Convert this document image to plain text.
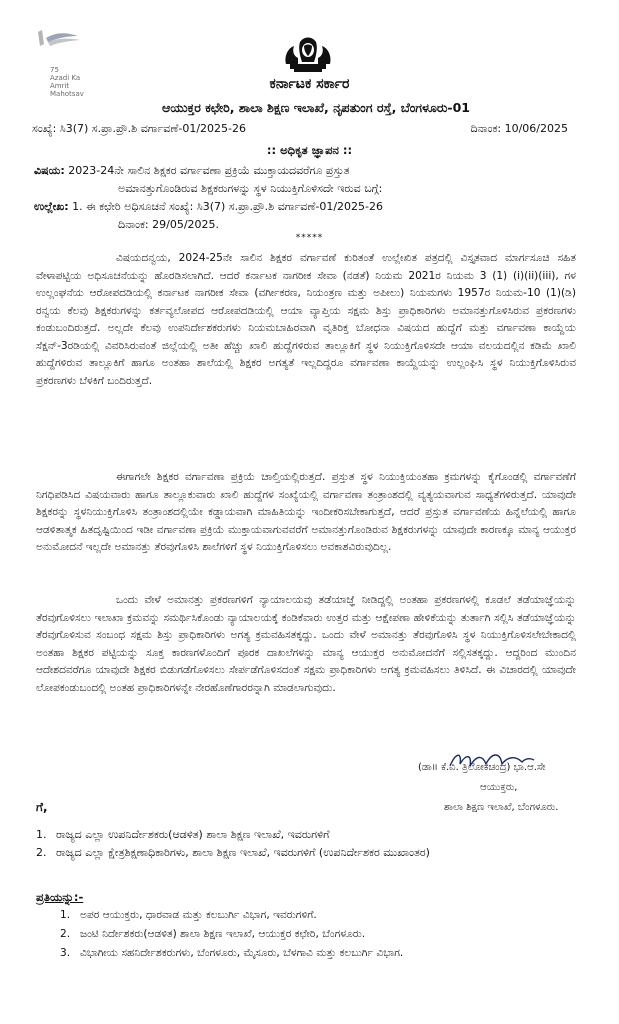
75
Azadi Ka
Amrit Mahotsav
ಕರ್ನಾಟಕ ಸರ್ಕಾರ
ಆಯುಕ್ತರ ಕಛೇರಿ, ಶಾಲಾ ಶಿಕ್ಷಣ ಇಲಾಖೆ, ನೃಪತುಂಗ ರಸ್ತೆ, ಬೆಂಗಳೂರು-01
ಸಂಖ್ಯೆ: ಸಿ3(7) ಸ.ಪ್ರಾ.ಪ್ರೌ.ಶಿ ವರ್ಗಾವಣೆ-01/2025-26	ದಿನಾಂಕ: 10/06/2025
:: ಅಧಿಕೃತ ಜ್ಞಾಪನ ::
ವಿಷಯ: 2023-24ನೇ ಸಾಲಿನ ಶಿಕ್ಷಕರ ವರ್ಗಾವಣಾ ಪ್ರಕ್ರಿಯೆ ಮುಕ್ತಾಯದವರೆಗೂ ಪ್ರಸ್ತುತ
ಅಮಾನತ್ತುಗೊಂಡಿರುವ ಶಿಕ್ಷಕರುಗಳನ್ನು ಸ್ಥಳ ನಿಯುಕ್ತಿಗೊಳಿಸದೇ ಇರುವ ಬಗ್ಗೆ:
ಉಲ್ಲೇಖ: 1. ಈ ಕಛೇರಿ ಅಧಿಸೂಚನೆ ಸಂಖ್ಯೆ: ಸಿ3(7) ಸ.ಪ್ರಾ.ಪ್ರೌ.ಶಿ ವರ್ಗಾವಣೆ-01/2025-26
ದಿನಾಂಕ: 29/05/2025.
*****
ವಿಷಯದನ್ವಯ, 2024-25ನೇ ಸಾಲಿನ ಶಿಕ್ಷಕರ ವರ್ಗಾವಣೆ ಕುರಿತಂತೆ ಉಲ್ಲೇಖಿತ ಪತ್ರದಲ್ಲಿ ವಿಸ್ತೃತವಾದ ಮಾರ್ಗಸೂಚಿ ಸಹಿತ ವೇಳಾಪಟ್ಟಿಯ ಅಧಿಸೂಚನೆಯನ್ನು ಹೊರಡಿಸಲಾಗಿದೆ. ಆದರೆ ಕರ್ನಾಟಕ ನಾಗರೀಕ ಸೇವಾ (ನಡತೆ) ನಿಯಮ 2021ರ ನಿಯಮ 3 (1) (i)(ii)(iii), ಗಳ ಉಲ್ಲಂಘನೆಯ ಆರೋಪದಡಿಯಲ್ಲಿ ಕರ್ನಾಟಕ ನಾಗರೀಕ ಸೇವಾ (ವರ್ಗೀಕರಣ, ನಿಯಂತ್ರಣ ಮತ್ತು ಅಪೀಲು) ನಿಯಮಗಳು 1957ರ ನಿಯಮ-10 (1)(ಡಿ) ರನ್ವಯ ಕೆಲವು ಶಿಕ್ಷಕರುಗಳನ್ನು ಕರ್ತವ್ಯಲೋಪದ ಆರೋಪದಡಿಯಲ್ಲಿ ಆಯಾ ವ್ಯಾಪ್ತಿಯ ಸಕ್ಷಮ ಶಿಸ್ತು ಪ್ರಾಧಿಕಾರಿಗಳು ಅಮಾನತ್ತುಗೊಳಿಸಿರುವ ಪ್ರಕರಣಗಳು ಕಂಡುಬಂದಿರುತ್ತದೆ. ಅಲ್ಲದೇ ಕೆಲವು ಉಪನಿರ್ದೇಶಕರುಗಳು ನಿಯಮಬಾಹಿರವಾಗಿ ವೃತಿರಿಕ್ತ ಬೋಧನಾ ವಿಷಯದ ಹುದ್ದೆಗೆ ಮತ್ತು ವರ್ಗಾವಣಾ ಕಾಯ್ದೆಯ ಸೆಕ್ಷನ್-3ರಡಿಯಲ್ಲಿ ವಿವರಿಸಿರುವಂತೆ ಜಿಲ್ಲೆಯಲ್ಲಿ ಅತೀ ಹೆಚ್ಚು ಖಾಲಿ ಹುದ್ದೆಗಳಿರುವ ತಾಲ್ಲೂಕಿಗೆ ಸ್ಥಳ ನಿಯುಕ್ತಿಗೊಳಿಸದೇ ಆಯಾ ವಲಯದಲ್ಲಿನ ಕಡಿಮೆ ಖಾಲಿ ಹುದ್ದೆಗಳಿರುವ ತಾಲ್ಲೂಕಿಗೆ ಹಾಗೂ ಅಂತಹಾ ಶಾಲೆಯಲ್ಲಿ ಶಿಕ್ಷಕರ ಅಗತ್ಯತೆ ಇಲ್ಲದಿದ್ದರೂ ವರ್ಗಾವಣಾ ಕಾಯ್ದೆಯನ್ನು ಉಲ್ಲಂಘಿಸಿ ಸ್ಥಳ ನಿಯುಕ್ತಿಗೊಳಿಸಿರುವ ಪ್ರಕರಣಗಳು ಬೆಳಕಿಗೆ ಬಂದಿರುತ್ತದೆ.
ಈಗಾಗಲೇ ಶಿಕ್ಷಕರ ವರ್ಗಾವಣಾ ಪ್ರಕ್ರಿಯೆ ಚಾಲ್ತಿಯಲ್ಲಿರುತ್ತದೆ. ಪ್ರಸ್ತುತ ಸ್ಥಳ ನಿಯುಕ್ತಿಯಂತಹಾ ಕ್ರಮಗಳನ್ನು ಕೈಗೊಂಡಲ್ಲಿ ವರ್ಗಾವಣೆಗೆ ನಿಗಧಿಪಡಿಸಿದ ವಿಷಯವಾರು ಹಾಗೂ ತಾಲ್ಲೂಕುವಾರು ಖಾಲಿ ಹುದ್ದೆಗಳ ಸಂಖ್ಯೆಯಲ್ಲಿ ವರ್ಗಾವಣಾ ತಂತ್ರಾಂಶದಲ್ಲಿ ವ್ಯತ್ಯಯವಾಗುವ ಸಾಧ್ಯತೆಗಳಿರುತ್ತದೆ. ಯಾವುದೇ ಶಿಕ್ಷಕರನ್ನು ಸ್ಥಳನಿಯುಕ್ತಿಗೊಳಿಸಿ ತಂತ್ರಾಂಶದಲ್ಲಿಯೇ ಕಡ್ಡಾಯವಾಗಿ ಮಾಹಿತಿಯನ್ನು ಇಂದೀಕರಿಸಬೇಕಾಗುತ್ತದೆ, ಆದರೆ ಪ್ರಸ್ತುತ ವರ್ಗಾವಣೆಯ ಹಿನ್ನೆಲೆಯಲ್ಲಿ ಹಾಗೂ ಆಡಳಿತಾತ್ಮಕ ಹಿತದೃಷ್ಟಿಯಿಂದ ಇಡೀ ವರ್ಗಾವಣಾ ಪ್ರಕ್ರಿಯೆ ಮುಕ್ತಾಯವಾಗುವವರೆಗೆ ಅಮಾನತ್ತುಗೊಂಡಿರುವ ಶಿಕ್ಷಕರುಗಳನ್ನು ಯಾವುದೇ ಕಾರಣಕ್ಕೂ ಮಾನ್ಯ ಆಯುಕ್ತರ ಅನುಮೋದನೆ ಇಲ್ಲದೇ ಅಮಾನತ್ತು ತೆರವುಗೊಳಿಸಿ ಶಾಲೆಗಳಿಗೆ ಸ್ಥಳ ನಿಯುಕ್ತಿಗೊಳಿಸಲು ಅವಕಾಶವಿರುವುದಿಲ್ಲ.
ಒಂದು ವೇಳೆ ಅಮಾನತ್ತು ಪ್ರಕರಣಗಳಿಗೆ ನ್ಯಾಯಾಲಯವು ತಡೆಯಾಜ್ಞೆ ನೀಡಿದ್ದಲ್ಲಿ ಅಂತಹಾ ಪ್ರಕರಣಗಳಲ್ಲಿ ಕೂಡಲೆ ತಡೆಯಾಜ್ಞೆಯನ್ನು ತೆರವುಗೊಳಿಸಲು ಇಲಾಖಾ ಕ್ರಮವನ್ನು ಸಮರ್ಥಿಸಿಕೊಂಡು ನ್ಯಾಯಾಲಯಕ್ಕೆ ಕಂಡಿಕೆವಾರು ಉತ್ತರ ಮತ್ತು ಆಕ್ಷೇಪಣಾ ಹೇಳಿಕೆಯನ್ನು ತುರ್ತಾಗಿ ಸಲ್ಲಿಸಿ ತಡೆಯಾಜ್ಞೆಯನ್ನು ತೆರವುಗೊಳಿಸುವ ಸಂಬಂಧ ಸಕ್ಷಮ ಶಿಸ್ತು ಪ್ರಾಧಿಕಾರಿಗಳು ಅಗತ್ಯ ಕ್ರಮವಹಿಸತಕ್ಕದ್ದು. ಒಂದು ವೇಳೆ ಅಮಾನತ್ತು ತೆರವುಗೊಳಿಸಿ ಸ್ಥಳ ನಿಯುಕ್ತಿಗೊಳಿಸಲೇಬೇಕಾದಲ್ಲಿ ಅಂತಹಾ ಶಿಕ್ಷಕರ ಪಟ್ಟಿಯನ್ನು ಸೂಕ್ತ ಕಾರಣಗಳೊಂದಿಗೆ ಪೂರಕ ದಾಖಲೆಗಳನ್ನು ಮಾನ್ಯ ಆಯುಕ್ತರ ಅನುಮೋದನೆಗೆ ಸಲ್ಲಿಸತಕ್ಕದ್ದು. ಆದ್ದರಿಂದ ಮುಂದಿನ ಆದೇಶದವರೆಗೂ ಯಾವುದೇ ಶಿಕ್ಷಕರ ಬಿಡುಗಡೆಗೊಳಿಸಲು ಸೇರ್ಪಡೆಗೊಳಿಸದಂತೆ ಸಕ್ಷಮ ಪ್ರಾಧಿಕಾರಿಗಳು ಅಗತ್ಯ ಕ್ರಮವಹಿಸಲು ತಿಳಿಸಿದೆ. ಈ ವಿಚಾರದಲ್ಲಿ ಯಾವುದೇ ಲೋಪಕಂಡುಬಂದಲ್ಲಿ ಅಂತಹ ಪ್ರಾಧಿಕಾರಿಗಳನ್ನೇ ನೇರಹೊಣೆಗಾರರನ್ನಾಗಿ ಮಾಡಲಾಗುವುದು.
(ಡಾ॥ ಕೆ.ವಿ. ತ್ರಿಲೋಕಚಂದ್ರ) ಭಾ.ಆ.ಸೇ
ಆಯುಕ್ತರು,
ಶಾಲಾ ಶಿಕ್ಷಣ ಇಲಾಖೆ, ಬೆಂಗಳೂರು.
ಗೆ,
1. ರಾಜ್ಯದ ಎಲ್ಲಾ ಉಪನಿರ್ದೇಶಕರು(ಆಡಳಿತ) ಶಾಲಾ ಶಿಕ್ಷಣ ಇಲಾಖೆ, ಇವರುಗಳಿಗೆ
2. ರಾಜ್ಯದ ಎಲ್ಲಾ ಕ್ಷೇತ್ರಶಿಕ್ಷಣಾಧಿಕಾರಿಗಳು, ಶಾಲಾ ಶಿಕ್ಷಣ ಇಲಾಖೆ, ಇವರುಗಳಿಗೆ (ಉಪನಿರ್ದೇಶಕರ ಮುಖಾಂತರ)
ಪ್ರತಿಯನ್ನು:-
1. ಅಪರ ಆಯುಕ್ತರು, ಧಾರವಾಡ ಮತ್ತು ಕಲಬುರ್ಗಿ ವಿಭಾಗ, ಇವರುಗಳಿಗೆ.
2. ಜಂಟಿ ನಿರ್ದೇಶಕರು(ಆಡಳಿತ) ಶಾಲಾ ಶಿಕ್ಷಣ ಇಲಾಖೆ, ಆಯುಕ್ತರ ಕಛೇರಿ, ಬೆಂಗಳೂರು.
3. ವಿಭಾಗೀಯ ಸಹನಿರ್ದೇಶಕರುಗಳು, ಬೆಂಗಳೂರು, ಮೈಸೂರು, ಬೆಳಗಾವಿ ಮತ್ತು ಕಲಬುರ್ಗಿ ವಿಭಾಗ.
